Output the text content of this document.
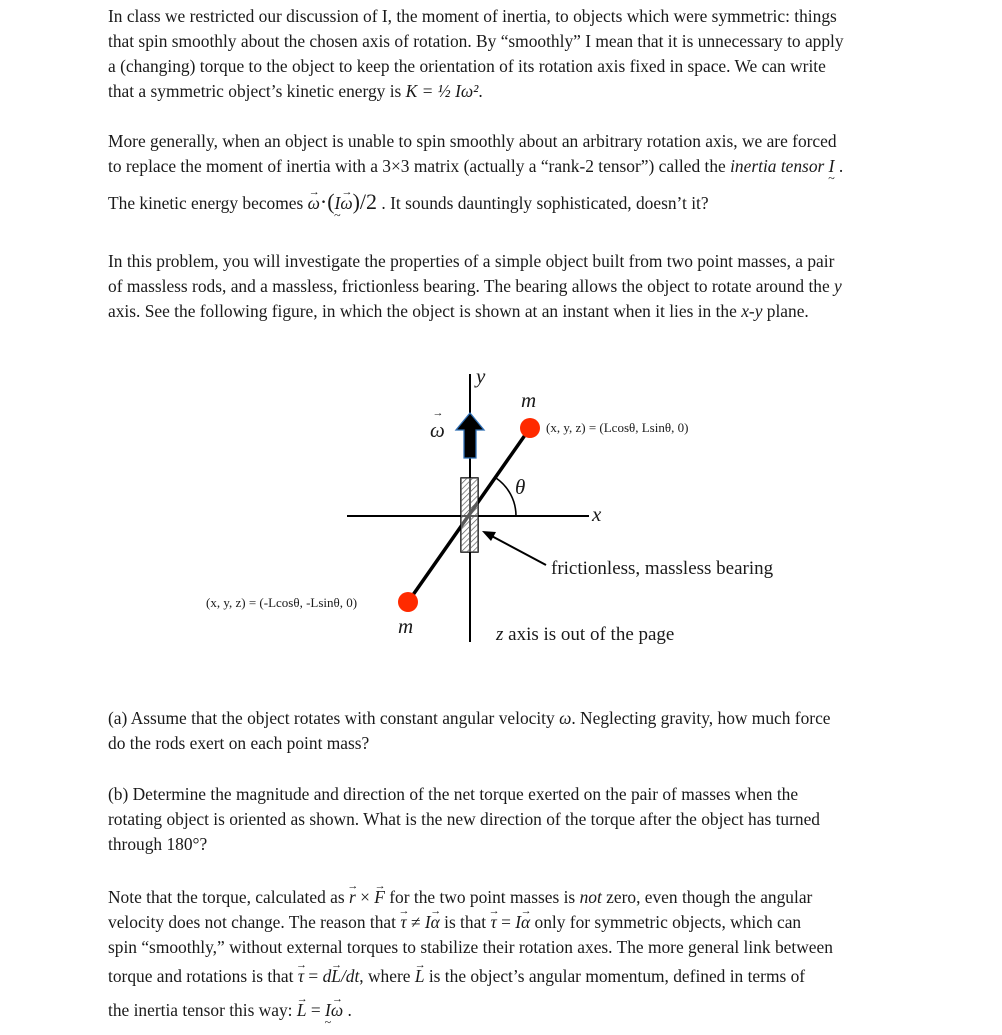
In class we restricted our discussion of I, the moment of inertia, to objects which were symmetric: things
that spin smoothly about the chosen axis of rotation. By “smoothly” I mean that it is unnecessary to apply
a (changing) torque to the object to keep the orientation of its rotation axis fixed in space. We can write
that a symmetric object’s kinetic energy is K = ½ Iω².
More generally, when an object is unable to spin smoothly about an arbitrary rotation axis, we are forced
to replace the moment of inertia with a 3×3 matrix (actually a “rank-2 tensor”) called the inertia tensor I ~ .
The kinetic energy becomes → ω·(I ~→ ω)/2 . It sounds dauntingly sophisticated, doesn’t it?
In this problem, you will investigate the properties of a simple object built from two point masses, a pair
of massless rods, and a massless, frictionless bearing. The bearing allows the object to rotate around the y
axis. See the following figure, in which the object is shown at an instant when it lies in the x-y plane.
y
x
→ ω
θ
m
(x, y, z) = (Lcosθ, Lsinθ, 0)
m
(x, y, z) = (-Lcosθ, -Lsinθ, 0)
frictionless, massless bearing
z axis is out of the page
(a) Assume that the object rotates with constant angular velocity ω. Neglecting gravity, how much force
do the rods exert on each point mass?
(b) Determine the magnitude and direction of the net torque exerted on the pair of masses when the
rotating object is oriented as shown. What is the new direction of the torque after the object has turned
through 180°?
Note that the torque, calculated as → r × → F for the two point masses is not zero, even though the angular
velocity does not change. The reason that → τ ≠ I→ α is that → τ = I→ α only for symmetric objects, which can
spin “smoothly,” without external torques to stabilize their rotation axes. The more general link between
torque and rotations is that → τ = d→ L/dt, where → L is the object’s angular momentum, defined in terms of
the inertia tensor this way: → L = I ~→ ω .
